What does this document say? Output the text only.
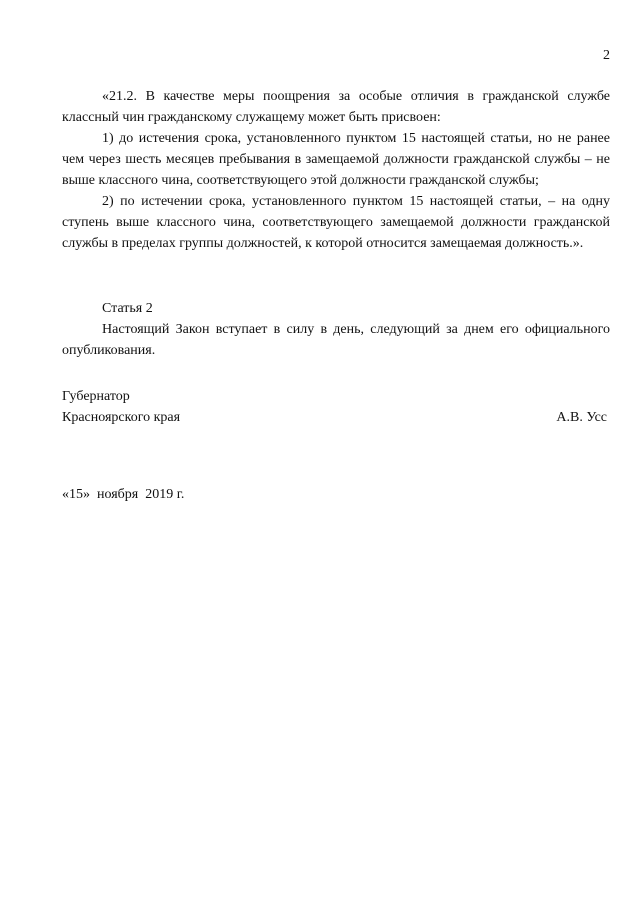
2

«21.2. В качестве меры поощрения за особые отличия в гражданской службе классный чин гражданскому служащему может быть присвоен:

1) до истечения срока, установленного пунктом 15 настоящей статьи, но не ранее чем через шесть месяцев пребывания в замещаемой должности гражданской службы – не выше классного чина, соответствующего этой должности гражданской службы;

2) по истечении срока, установленного пунктом 15 настоящей статьи, – на одну ступень выше классного чина, соответствующего замещаемой должности гражданской службы в пределах группы должностей, к которой относится замещаемая должность.».

Статья 2

Настоящий Закон вступает в силу в день, следующий за днем его официального опубликования.

Губернатор
Красноярского края	А.В. Усс
«15»  ноября  2019 г.
